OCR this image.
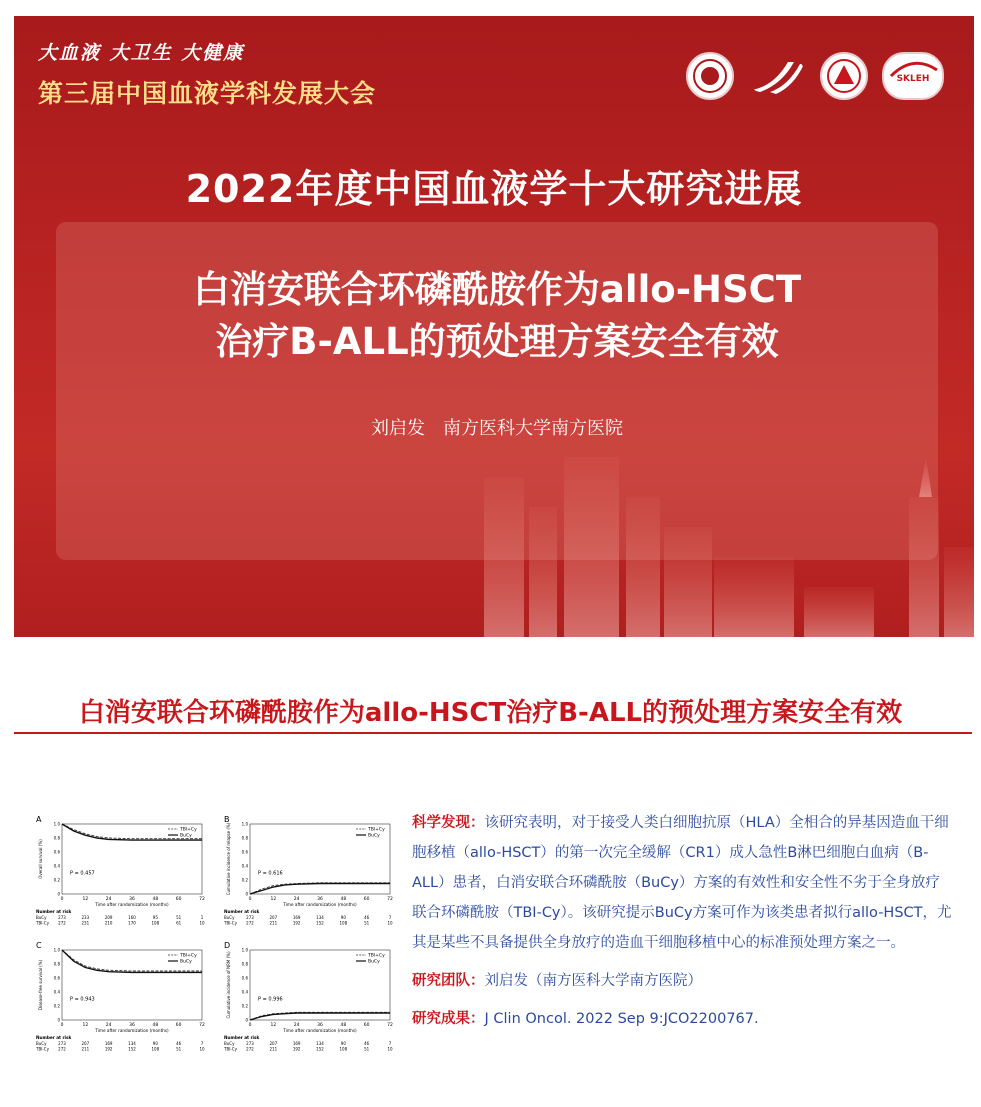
大血液 大卫生 大健康
第三届中国血液学科发展大会	SKLEH
2022年度中国血液学十大研究进展
白消安联合环磷酰胺作为allo-HSCT
治疗B-ALL的预处理方案安全有效
刘启发 南方医科大学南方医院
白消安联合环磷酰胺作为allo-HSCT治疗B-ALL的预处理方案安全有效
A
Overall survival (%)
0
0.2
0.4
0.6
0.8
1.0
0	12	24	36	48	60	72
Time after randomization (months)
P = 0.457
TBI+Cy
BuCy
Number at risk
BuCy	273	233	209	160	95	51	1
TBI-Cy 272	231	210	170	108	61	10
B
Cumulative incidence of relapse (%)	0
0.2
0.4
0.6
0.8
1.0
0	12	24	36	48	60	72
Time after randomization (months)
P = 0.616
TBI+Cy
BuCy
Number at risk
BuCy	273	207	169	134	90	46	7
TBI-Cy 272	211	192	152	108	51	10
C
Disease-free survival (%)
0
0.2
0.4
0.6
0.8
1.0
0	12	24	36	48	60	72
Time after randomization (months)
P = 0.943
TBI+Cy
BuCy
Number at risk
BuCy	273	207	169	134	90	46	7
TBI-Cy 272	211	192	152	108	51	10
D
Cumulative incidence of NRM (%)
0
0.2
0.4
0.6
0.8
1.0
0	12	24	36	48	60	72
Time after randomization (months)
P = 0.996
TBI+Cy
BuCy
Number at risk
BuCy	273	207	169	134	90	46	7
TBI-Cy 272	211	192	152	108	51	10

科学发现：该研究表明，对于接受人类白细胞抗原（HLA）全相合的异基因造血干细胞移植（allo-HSCT）的第一次完全缓解（CR1）成人急性B淋巴细胞白血病（B-ALL）患者，白消安联合环磷酰胺（BuCy）方案的有效性和安全性不劣于全身放疗联合环磷酰胺（TBI-Cy）。该研究提示BuCy方案可作为该类患者拟行allo-HSCT，尤其是某些不具备提供全身放疗的造血干细胞移植中心的标准预处理方案之一。

研究团队：刘启发（南方医科大学南方医院）

研究成果：J Clin Oncol. 2022 Sep 9:JCO2200767.
